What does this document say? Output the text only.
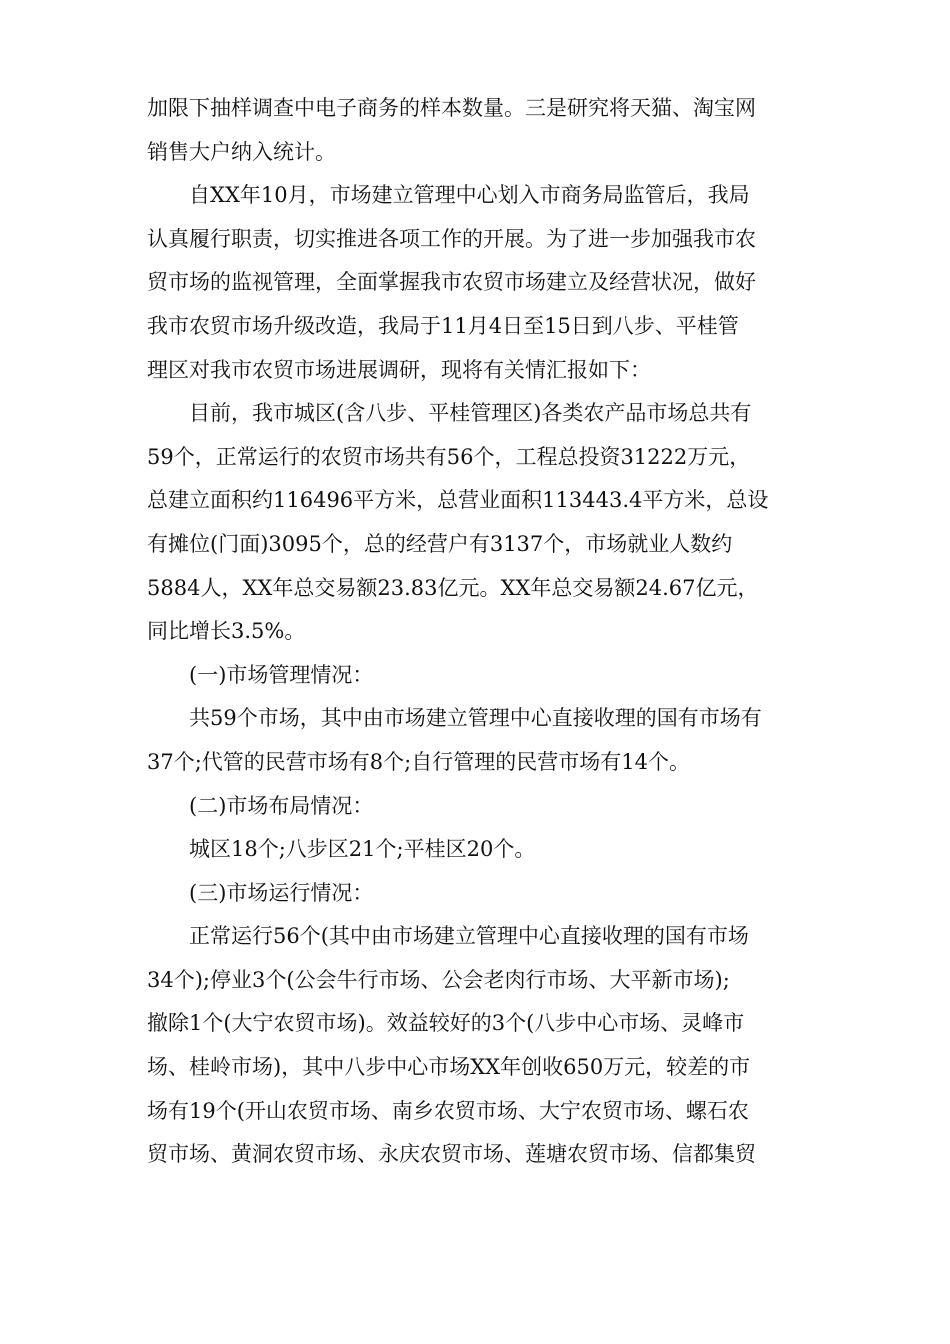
加限下抽样调查中电子商务的样本数量。三是研究将天猫、淘宝网
销售大户纳入统计。
自XX年10月，市场建立管理中心划入市商务局监管后，我局
认真履行职责，切实推进各项工作的开展。为了进一步加强我市农
贸市场的监视管理，全面掌握我市农贸市场建立及经营状况，做好
我市农贸市场升级改造，我局于11月4日至15日到八步、平桂管
理区对我市农贸市场进展调研，现将有关情汇报如下：
目前，我市城区(含八步、平桂管理区)各类农产品市场总共有
59个，正常运行的农贸市场共有56个，工程总投资31222万元，
总建立面积约116496平方米，总营业面积113443.4平方米，总设
有摊位(门面)3095个，总的经营户有3137个，市场就业人数约
5884人，XX年总交易额23.83亿元。XX年总交易额24.67亿元，
同比增长3.5%。
(一)市场管理情况：
共59个市场，其中由市场建立管理中心直接收理的国有市场有
37个;代管的民营市场有8个;自行管理的民营市场有14个。
(二)市场布局情况：
城区18个;八步区21个;平桂区20个。
(三)市场运行情况：
正常运行56个(其中由市场建立管理中心直接收理的国有市场
34个);停业3个(公会牛行市场、公会老肉行市场、大平新市场);
撤除1个(大宁农贸市场)。效益较好的3个(八步中心市场、灵峰市
场、桂岭市场)，其中八步中心市场XX年创收650万元，较差的市
场有19个(开山农贸市场、南乡农贸市场、大宁农贸市场、螺石农
贸市场、黄洞农贸市场、永庆农贸市场、莲塘农贸市场、信都集贸
